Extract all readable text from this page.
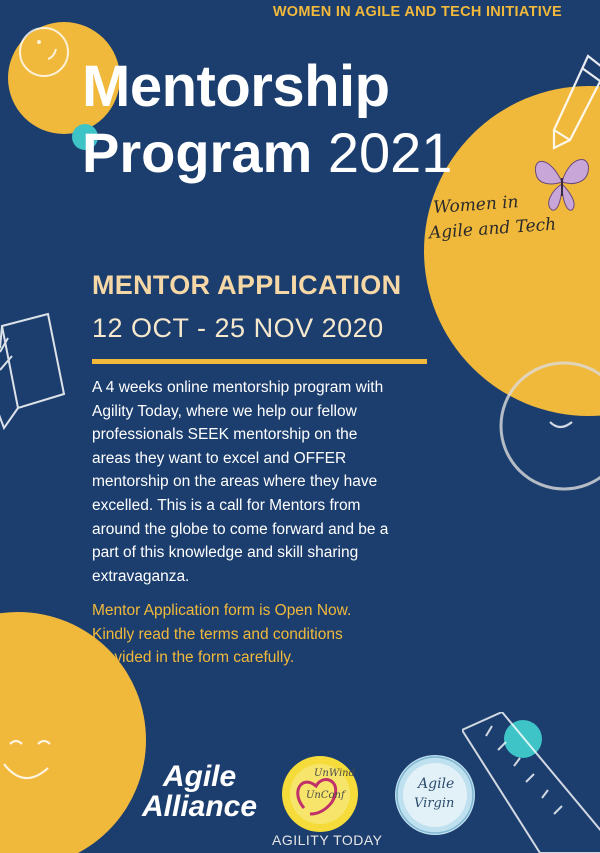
WOMEN IN AGILE AND TECH INITIATIVE
Mentorship
Program 2021
Women in
Agile and Tech
MENTOR APPLICATION
12 OCT - 25 NOV 2020
A 4 weeks online mentorship program with
Agility Today, where we help our fellow
professionals SEEK mentorship on the
areas they want to excel and OFFER
mentorship on the areas where they have
excelled. This is a call for Mentors from
around the globe to come forward and be a
part of this knowledge and skill sharing
extravaganza.
Mentor Application form is Open Now.
Kindly read the terms and conditions
provided in the form carefully.
Agile
Alliance
UnWind
UnConf
AGILITY TODAY
Agile
Virgin
